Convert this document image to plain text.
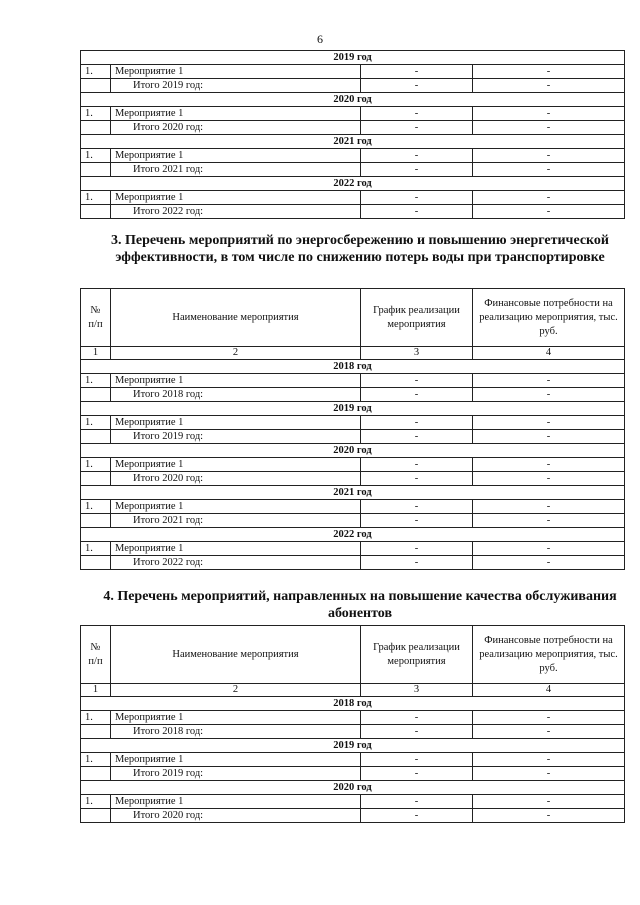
6
2019 год			
1.	Мероприятие 1	-	-
	Итого 2019 год:	-	-
2020 год			
1.	Мероприятие 1	-	-
	Итого 2020 год:	-	-
2021 год			
1.	Мероприятие 1	-	-
	Итого 2021 год:	-	-
2022 год			
1.	Мероприятие 1	-	-
	Итого 2022 год:	-	-
3. Перечень мероприятий по энергосбережению и повышению энергетической эффективности, в том числе по снижению потерь воды при транспортировке
№ п/п	Наименование мероприятия	График реализации мероприятия	Финансовые потребности на реализацию мероприятия, тыс. руб.
1	2	3	4
2018 год			
1.	Мероприятие 1	-	-
	Итого 2018 год:	-	-
2019 год			
1.	Мероприятие 1	-	-
	Итого 2019 год:	-	-
2020 год			
1.	Мероприятие 1	-	-
	Итого 2020 год:	-	-
2021 год			
1.	Мероприятие 1	-	-
	Итого 2021 год:	-	-
2022 год			
1.	Мероприятие 1	-	-
	Итого 2022 год:	-	-
4. Перечень мероприятий, направленных на повышение качества обслуживания абонентов
№ п/п	Наименование мероприятия	График реализации мероприятия	Финансовые потребности на реализацию мероприятия, тыс. руб.
1	2	3	4
2018 год			
1.	Мероприятие 1	-	-
	Итого 2018 год:	-	-
2019 год			
1.	Мероприятие 1	-	-
	Итого 2019 год:	-	-
2020 год			
1.	Мероприятие 1	-	-
	Итого 2020 год:	-	-
